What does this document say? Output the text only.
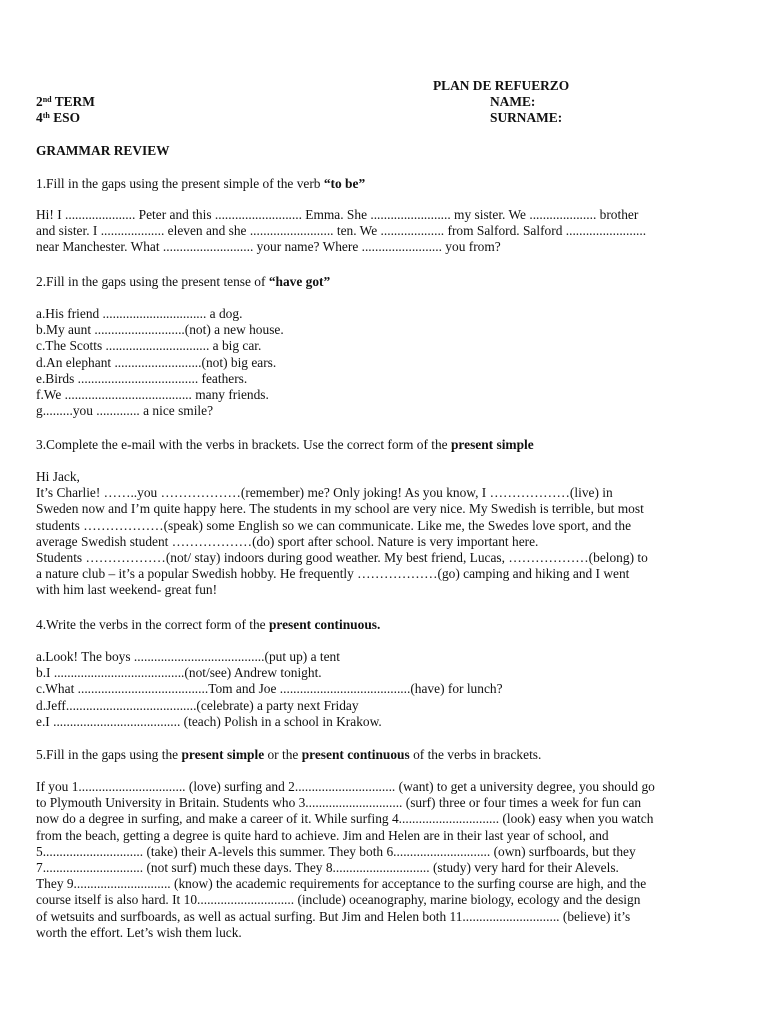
PLAN DE REFUERZO
2nd TERM	NAME:
4th ESO	SURNAME:
GRAMMAR REVIEW
1.Fill in the gaps using the present simple of the verb “to be”
Hi! I ..................... Peter and this .......................... Emma. She ........................ my sister. We .................... brother
and sister. I ................... eleven and she ......................... ten. We ................... from Salford. Salford ........................
near Manchester. What ........................... your name? Where ........................ you from?
2.Fill in the gaps using the present tense of “have got”
a.His friend ............................... a dog.
b.My aunt ...........................(not) a new house.
c.The Scotts ............................... a big car.
d.An elephant ..........................(not) big ears.
e.Birds .................................... feathers.
f.We ...................................... many friends.
g.........you ............. a nice smile?
3.Complete the e-mail with the verbs in brackets. Use the correct form of the present simple
Hi Jack,
It’s Charlie! ……..you ………………(remember) me? Only joking! As you know, I ………………(live) in
Sweden now and I’m quite happy here. The students in my school are very nice. My Swedish is terrible, but most
students ………………(speak) some English so we can communicate. Like me, the Swedes love sport, and the
average Swedish student ………………(do) sport after school. Nature is very important here.
Students ………………(not/ stay) indoors during good weather. My best friend, Lucas, ………………(belong) to
a nature club – it’s a popular Swedish hobby. He frequently ………………(go) camping and hiking and I went
with him last weekend- great fun!
4.Write the verbs in the correct form of the present continuous.
a.Look! The boys .......................................(put up) a tent
b.I .......................................(not/see) Andrew tonight.
c.What .......................................Tom and Joe .......................................(have) for lunch?
d.Jeff.......................................(celebrate) a party next Friday
e.I ...................................... (teach) Polish in a school in Krakow.
5.Fill in the gaps using the present simple or the present continuous of the verbs in brackets.
If you 1................................ (love) surfing and 2.............................. (want) to get a university degree, you should go
to Plymouth University in Britain. Students who 3............................. (surf) three or four times a week for fun can
now do a degree in surfing, and make a career of it. While surfing 4.............................. (look) easy when you watch
from the beach, getting a degree is quite hard to achieve. Jim and Helen are in their last year of school, and
5.............................. (take) their A-levels this summer. They both 6............................. (own) surfboards, but they
7.............................. (not surf) much these days. They 8............................. (study) very hard for their Alevels.
They 9............................. (know) the academic requirements for acceptance to the surfing course are high, and the
course itself is also hard. It 10............................. (include) oceanography, marine biology, ecology and the design
of wetsuits and surfboards, as well as actual surfing. But Jim and Helen both 11............................. (believe) it’s
worth the effort. Let’s wish them luck.
